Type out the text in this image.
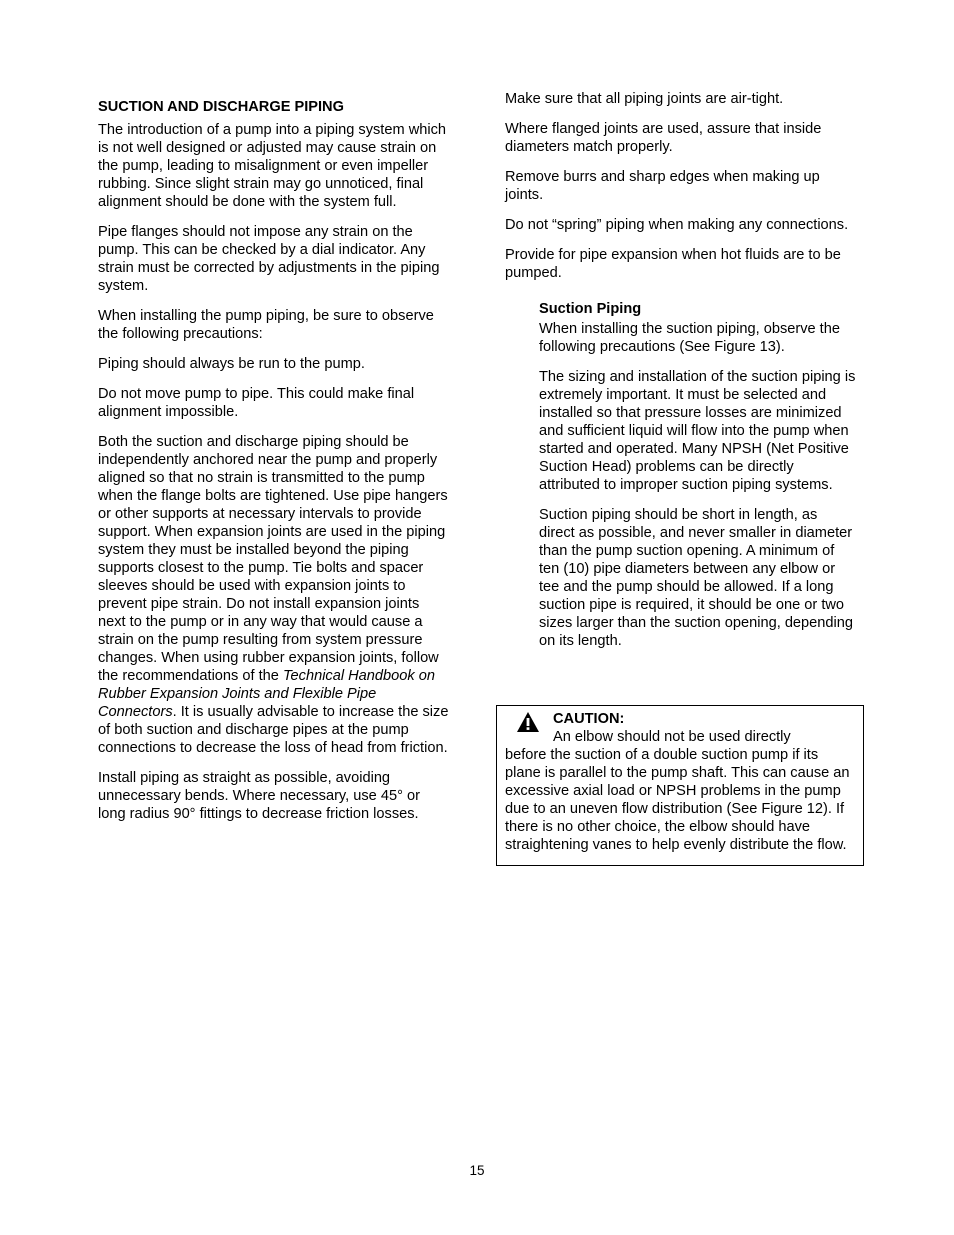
SUCTION AND DISCHARGE PIPING

The introduction of a pump into a piping system which is not well designed or adjusted may cause strain on the pump, leading to misalignment or even impeller rubbing. Since slight strain may go unnoticed, final alignment should be done with the system full.

Pipe flanges should not impose any strain on the pump. This can be checked by a dial indicator. Any strain must be corrected by adjustments in the piping system.

When installing the pump piping, be sure to observe the following precautions:

Piping should always be run to the pump.

Do not move pump to pipe. This could make final alignment impossible.

Both the suction and discharge piping should be independently anchored near the pump and properly aligned so that no strain is transmitted to the pump when the flange bolts are tightened. Use pipe hangers or other supports at necessary intervals to provide support. When expansion joints are used in the piping system they must be installed beyond the piping supports closest to the pump. Tie bolts and spacer sleeves should be used with expansion joints to prevent pipe strain. Do not install expansion joints next to the pump or in any way that would cause a strain on the pump resulting from system pressure changes. When using rubber expansion joints, follow the recommendations of the Technical Handbook on Rubber Expansion Joints and Flexible Pipe Connectors. It is usually advisable to increase the size of both suction and discharge pipes at the pump connections to decrease the loss of head from friction.

Install piping as straight as possible, avoiding unnecessary bends. Where necessary, use 45° or long radius 90° fittings to decrease friction losses.

Make sure that all piping joints are air-tight.

Where flanged joints are used, assure that inside diameters match properly.

Remove burrs and sharp edges when making up joints.

Do not “spring” piping when making any connections.

Provide for pipe expansion when hot fluids are to be pumped.

Suction Piping

When installing the suction piping, observe the following precautions (See Figure 13).

The sizing and installation of the suction piping is extremely important. It must be selected and installed so that pressure losses are minimized and sufficient liquid will flow into the pump when started and operated. Many NPSH (Net Positive Suction Head) problems can be directly attributed to improper suction piping systems.

Suction piping should be short in length, as direct as possible, and never smaller in diameter than the pump suction opening. A minimum of ten (10) pipe diameters between any elbow or tee and the pump should be allowed. If a long suction pipe is required, it should be one or two sizes larger than the suction opening, depending on its length.

CAUTION:
An elbow should not be used directly
before the suction of a double suction pump if its plane is parallel to the pump shaft. This can cause an excessive axial load or NPSH problems in the pump due to an uneven flow distribution (See Figure 12). If there is no other choice, the elbow should have straightening vanes to help evenly distribute the flow.
15
